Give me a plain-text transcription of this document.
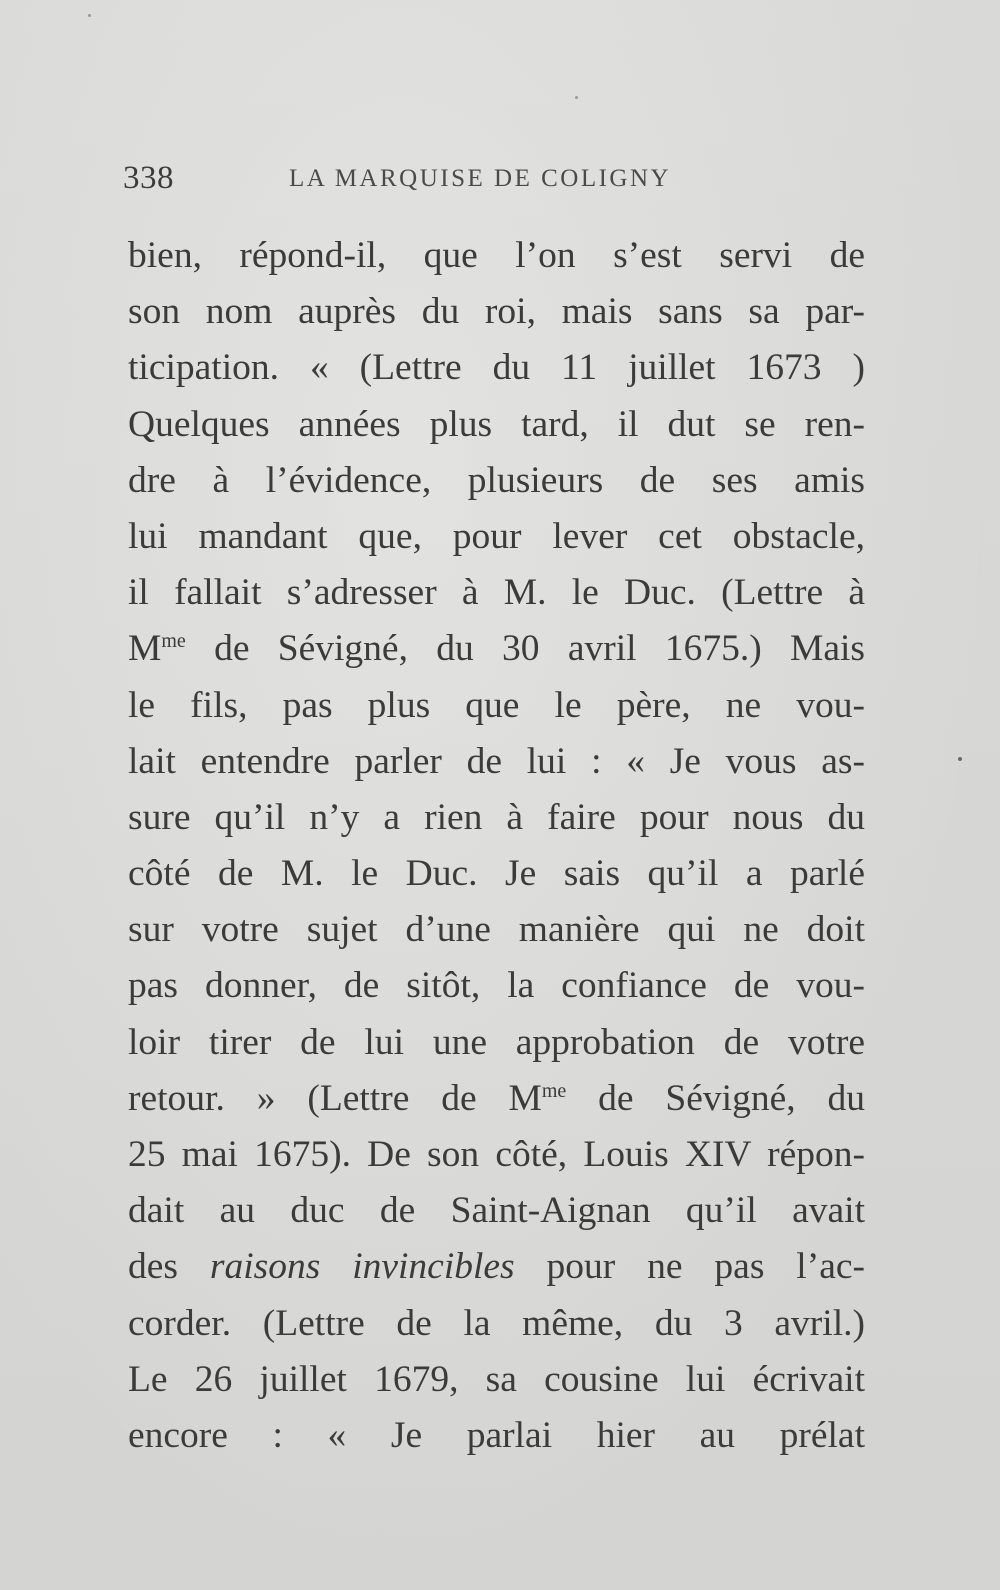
338	LA MARQUISE DE COLIGNY
bien, répond-il, que l’on s’est servi de
son nom auprès du roi, mais sans sa par-
ticipation. « (Lettre du 11 juillet 1673 )
Quelques années plus tard, il dut se ren-
dre à l’évidence, plusieurs de ses amis
lui mandant que, pour lever cet obstacle,
il fallait s’adresser à M. le Duc. (Lettre à
$M^{me}$ de Sévigné, du 30 avril 1675.) Mais
le fils, pas plus que le père, ne vou-
lait entendre parler de lui : « Je vous as-
sure qu’il n’y a rien à faire pour nous du
côté de M. le Duc. Je sais qu’il a parlé
sur votre sujet d’une manière qui ne doit
pas donner, de sitôt, la confiance de vou-
loir tirer de lui une approbation de votre
retour. » (Lettre de $M^{me}$ de Sévigné, du
25 mai 1675). De son côté, Louis XIV répon-
dait au duc de Saint-Aignan qu’il avait
des raisons invincibles pour ne pas l’ac-
corder. (Lettre de la même, du 3 avril.)
Le 26 juillet 1679, sa cousine lui écrivait
encore : « Je parlai hier au prélat
